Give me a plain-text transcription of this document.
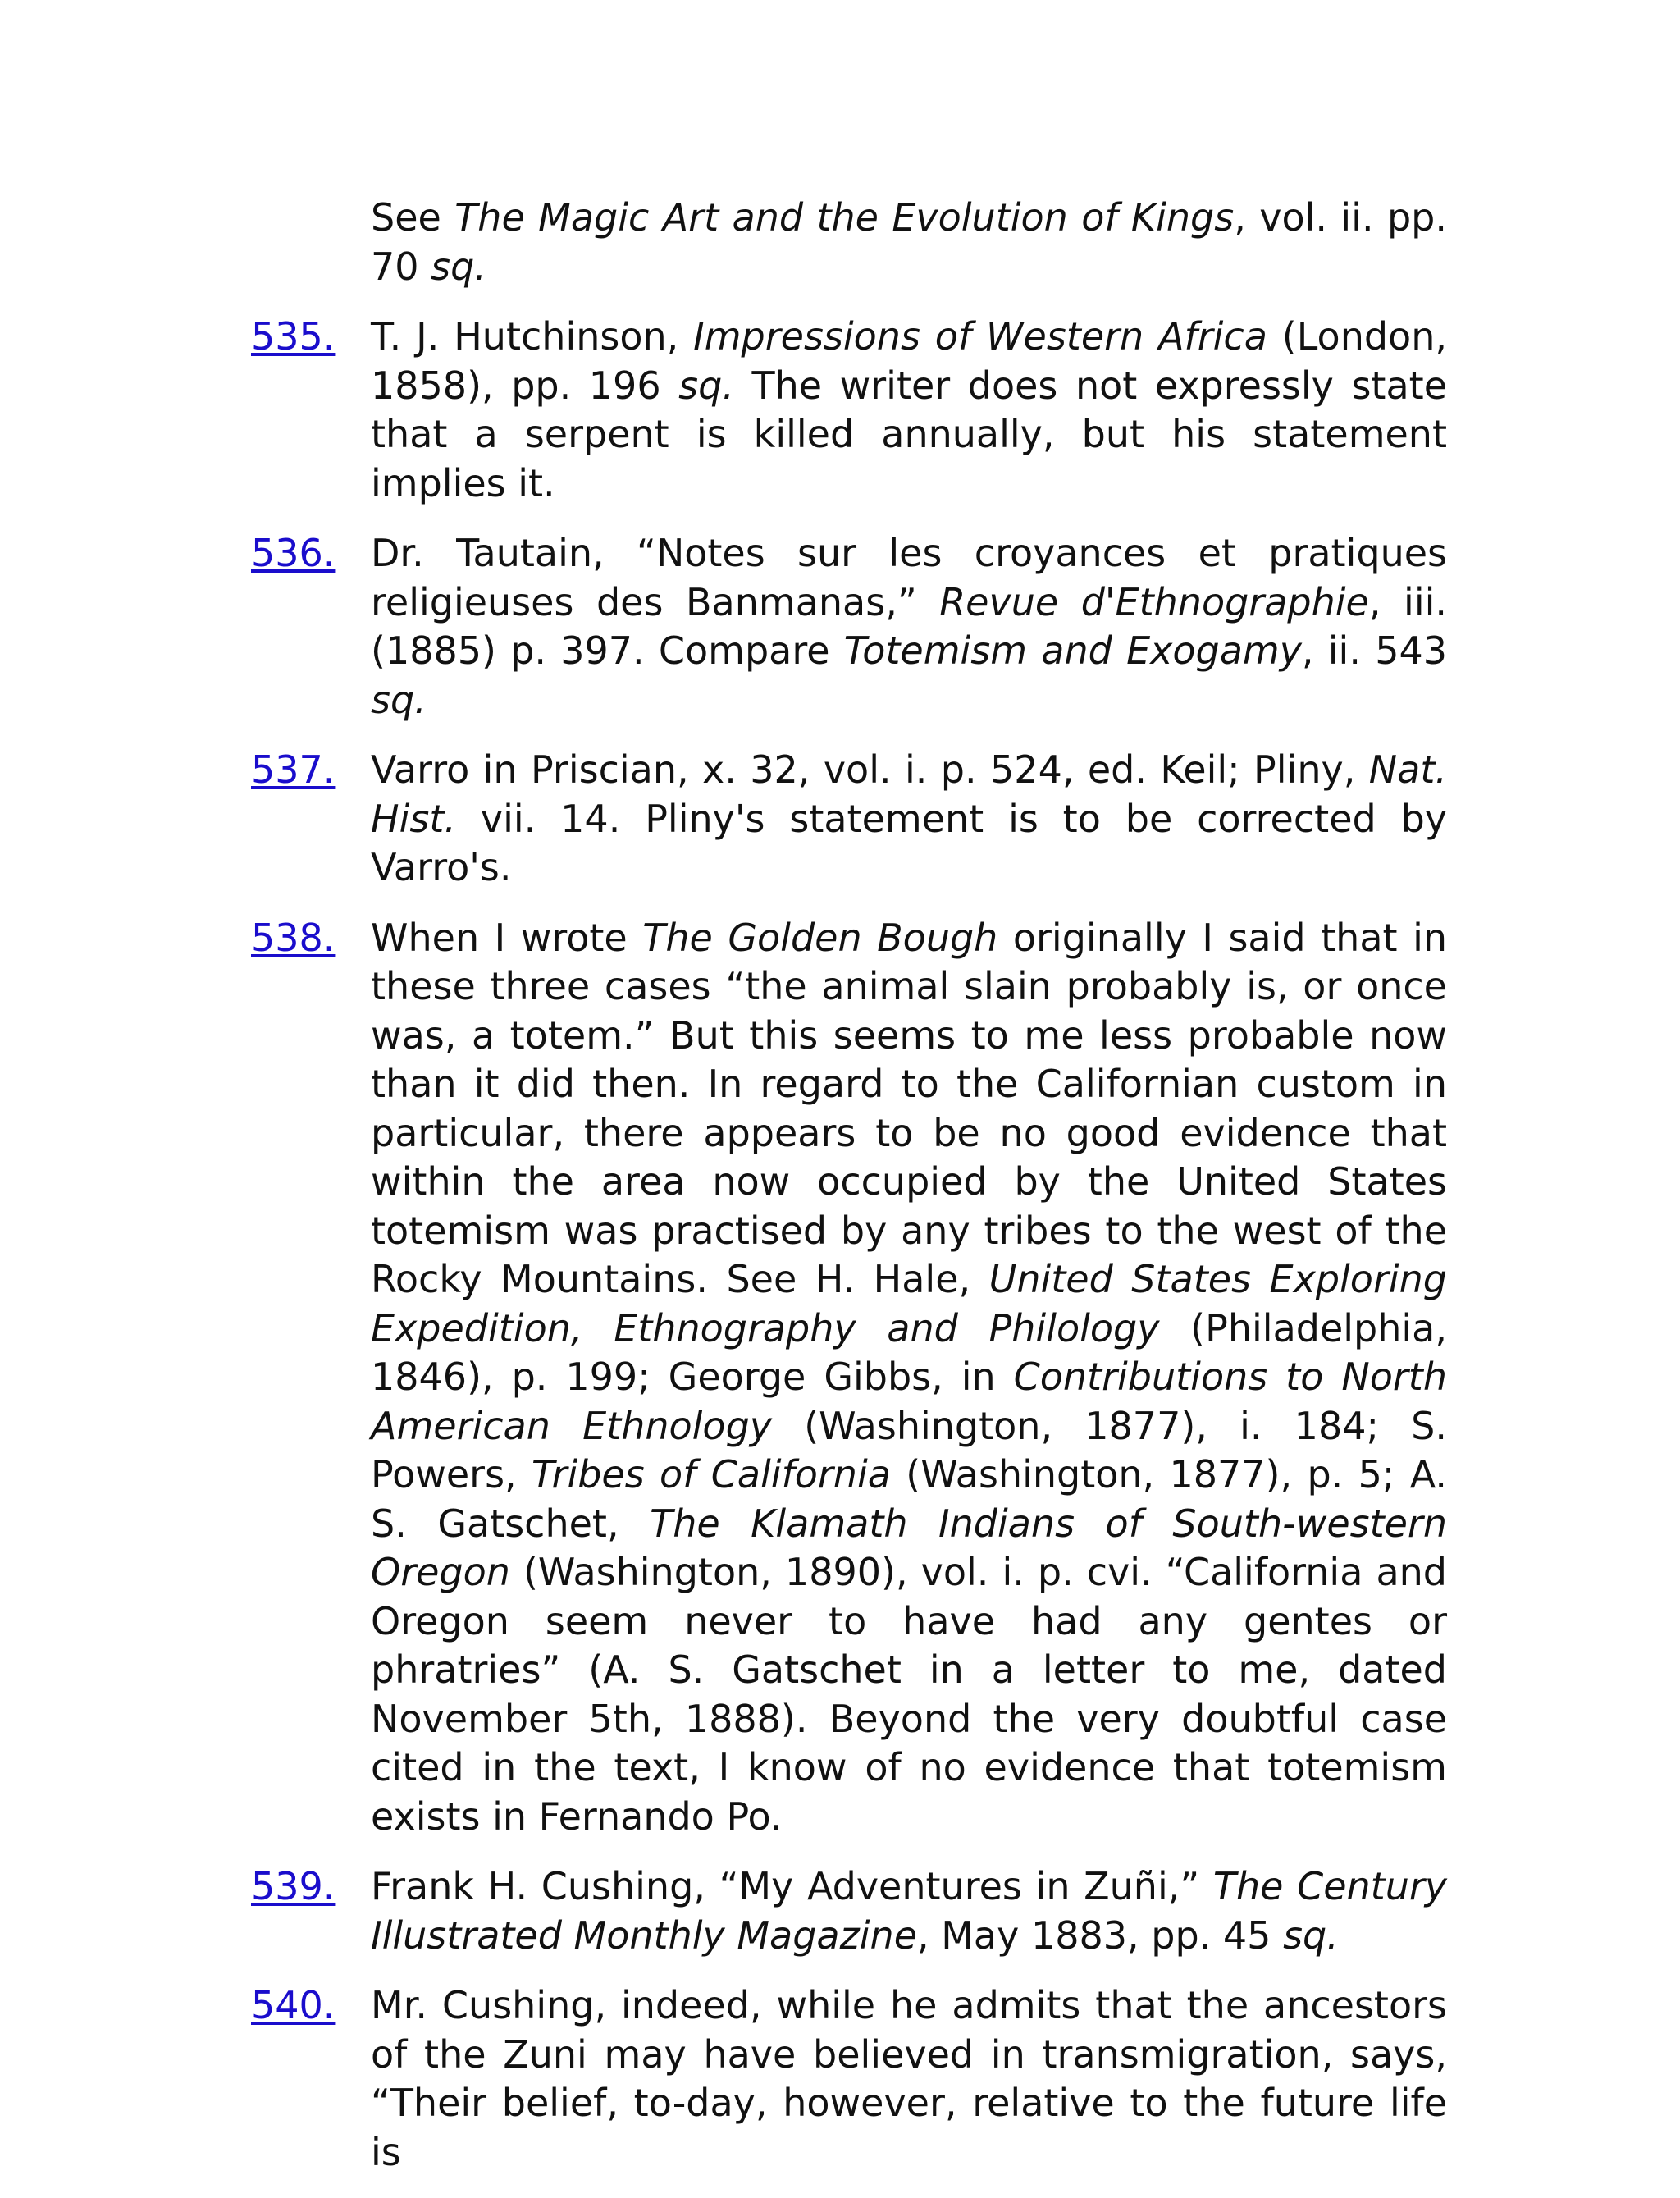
See The Magic Art and the Evolution of Kings, vol. ii. pp. 70 sq.
535. T. J. Hutchinson, Impressions of Western Africa (London, 1858), pp. 196 sq. The writer does not expressly state that a serpent is killed annually, but his statement implies it.
536. Dr. Tautain, “Notes sur les croyances et pratiques religieuses des Banmanas,” Revue d'Ethnographie, iii. (1885) p. 397. Compare Totemism and Exogamy, ii. 543 sq.
537. Varro in Priscian, x. 32, vol. i. p. 524, ed. Keil; Pliny, Nat. Hist. vii. 14. Pliny's statement is to be corrected by Varro's.
538. When I wrote The Golden Bough originally I said that in these three cases “the animal slain probably is, or once was, a totem.” But this seems to me less probable now than it did then. In regard to the Californian custom in particular, there appears to be no good evidence that within the area now occupied by the United States totemism was practised by any tribes to the west of the Rocky Mountains. See H. Hale, United States Exploring Expedition, Ethnography and Philology (Philadelphia, 1846), p. 199; George Gibbs, in Contributions to North American Ethnology (Washington, 1877), i. 184; S. Powers, Tribes of California (Washington, 1877), p. 5; A. S. Gatschet, The Klamath Indians of South-western Oregon (Washington, 1890), vol. i. p. cvi. “California and Oregon seem never to have had any gentes or phratries” (A. S. Gatschet in a letter to me, dated November 5th, 1888). Beyond the very doubtful case cited in the text, I know of no evidence that totemism exists in Fernando Po.
539. Frank H. Cushing, “My Adventures in Zuñi,” The Century Illustrated Monthly Magazine, May 1883, pp. 45 sq.
540. Mr. Cushing, indeed, while he admits that the ancestors of the Zuni may have believed in transmigration, says, “Their belief, to-day, however, relative to the future life is
